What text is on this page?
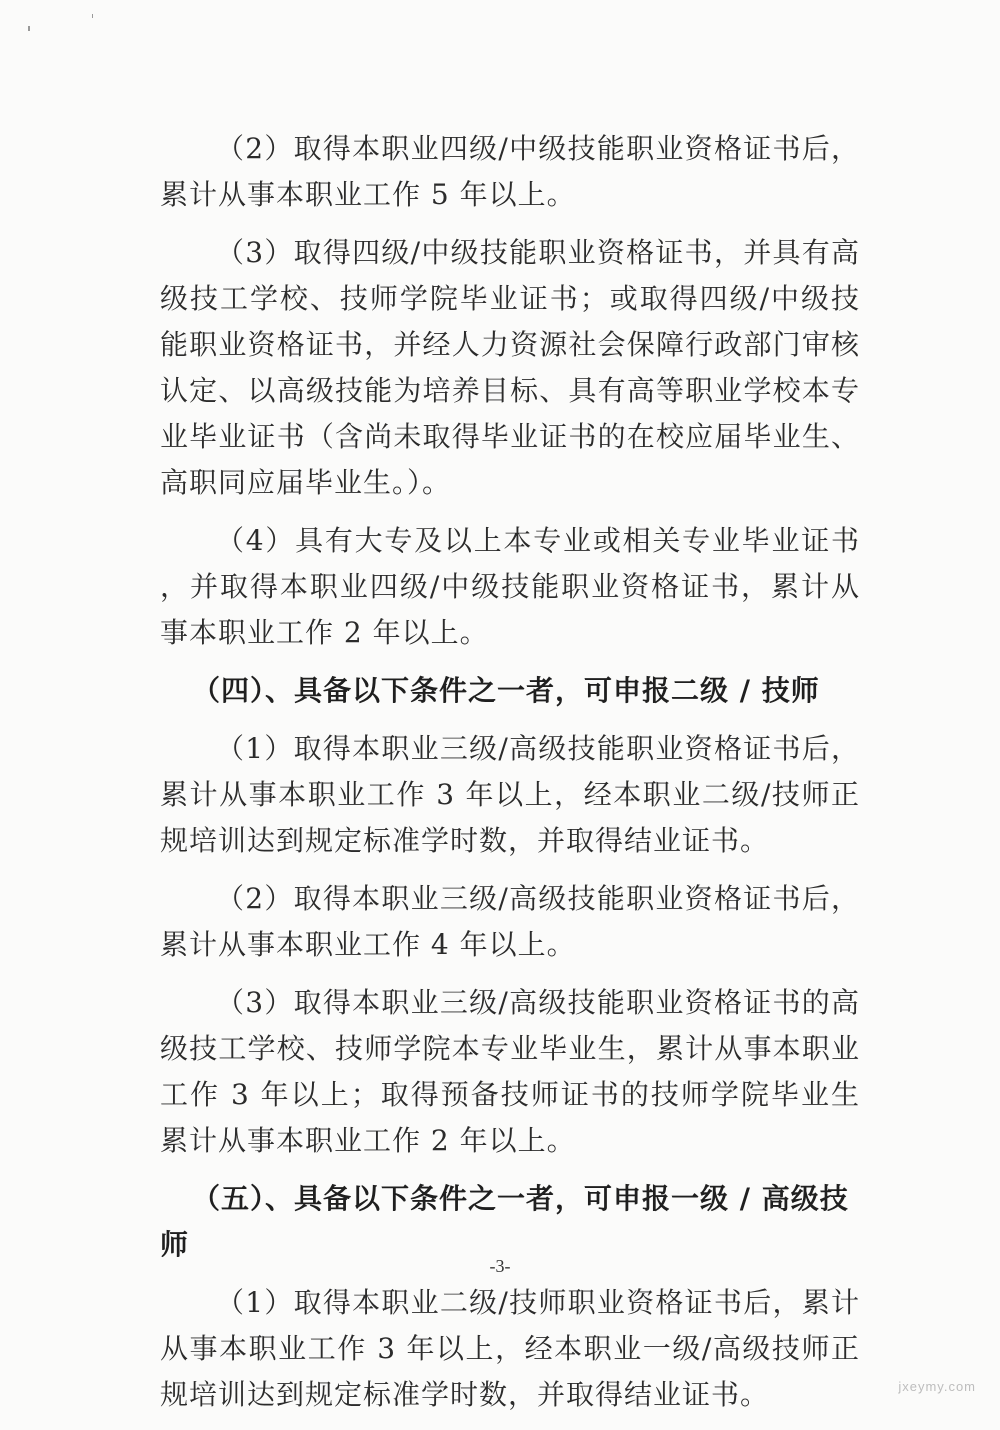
（2）取得本职业四级/中级技能职业资格证书后，累计从事本职业工作 5 年以上。

（3）取得四级/中级技能职业资格证书，并具有高级技工学校、技师学院毕业证书；或取得四级/中级技能职业资格证书，并经人力资源社会保障行政部门审核认定、以高级技能为培养目标、具有高等职业学校本专业毕业证书（含尚未取得毕业证书的在校应届毕业生、高职同应届毕业生。）。

（4）具有大专及以上本专业或相关专业毕业证书 ，并取得本职业四级/中级技能职业资格证书，累计从事本职业工作 2 年以上。

（四）、具备以下条件之一者，可申报二级 / 技师

（1）取得本职业三级/高级技能职业资格证书后，累计从事本职业工作 3 年以上，经本职业二级/技师正规培训达到规定标准学时数，并取得结业证书。

（2）取得本职业三级/高级技能职业资格证书后，累计从事本职业工作 4 年以上。

（3）取得本职业三级/高级技能职业资格证书的高级技工学校、技师学院本专业毕业生，累计从事本职业工作 3 年以上；取得预备技师证书的技师学院毕业生累计从事本职业工作 2 年以上。

（五）、具备以下条件之一者，可申报一级 / 高级技师

（1）取得本职业二级/技师职业资格证书后，累计从事本职业工作 3 年以上，经本职业一级/高级技师正规培训达到规定标准学时数，并取得结业证书。

-3-
jxeymy.com
